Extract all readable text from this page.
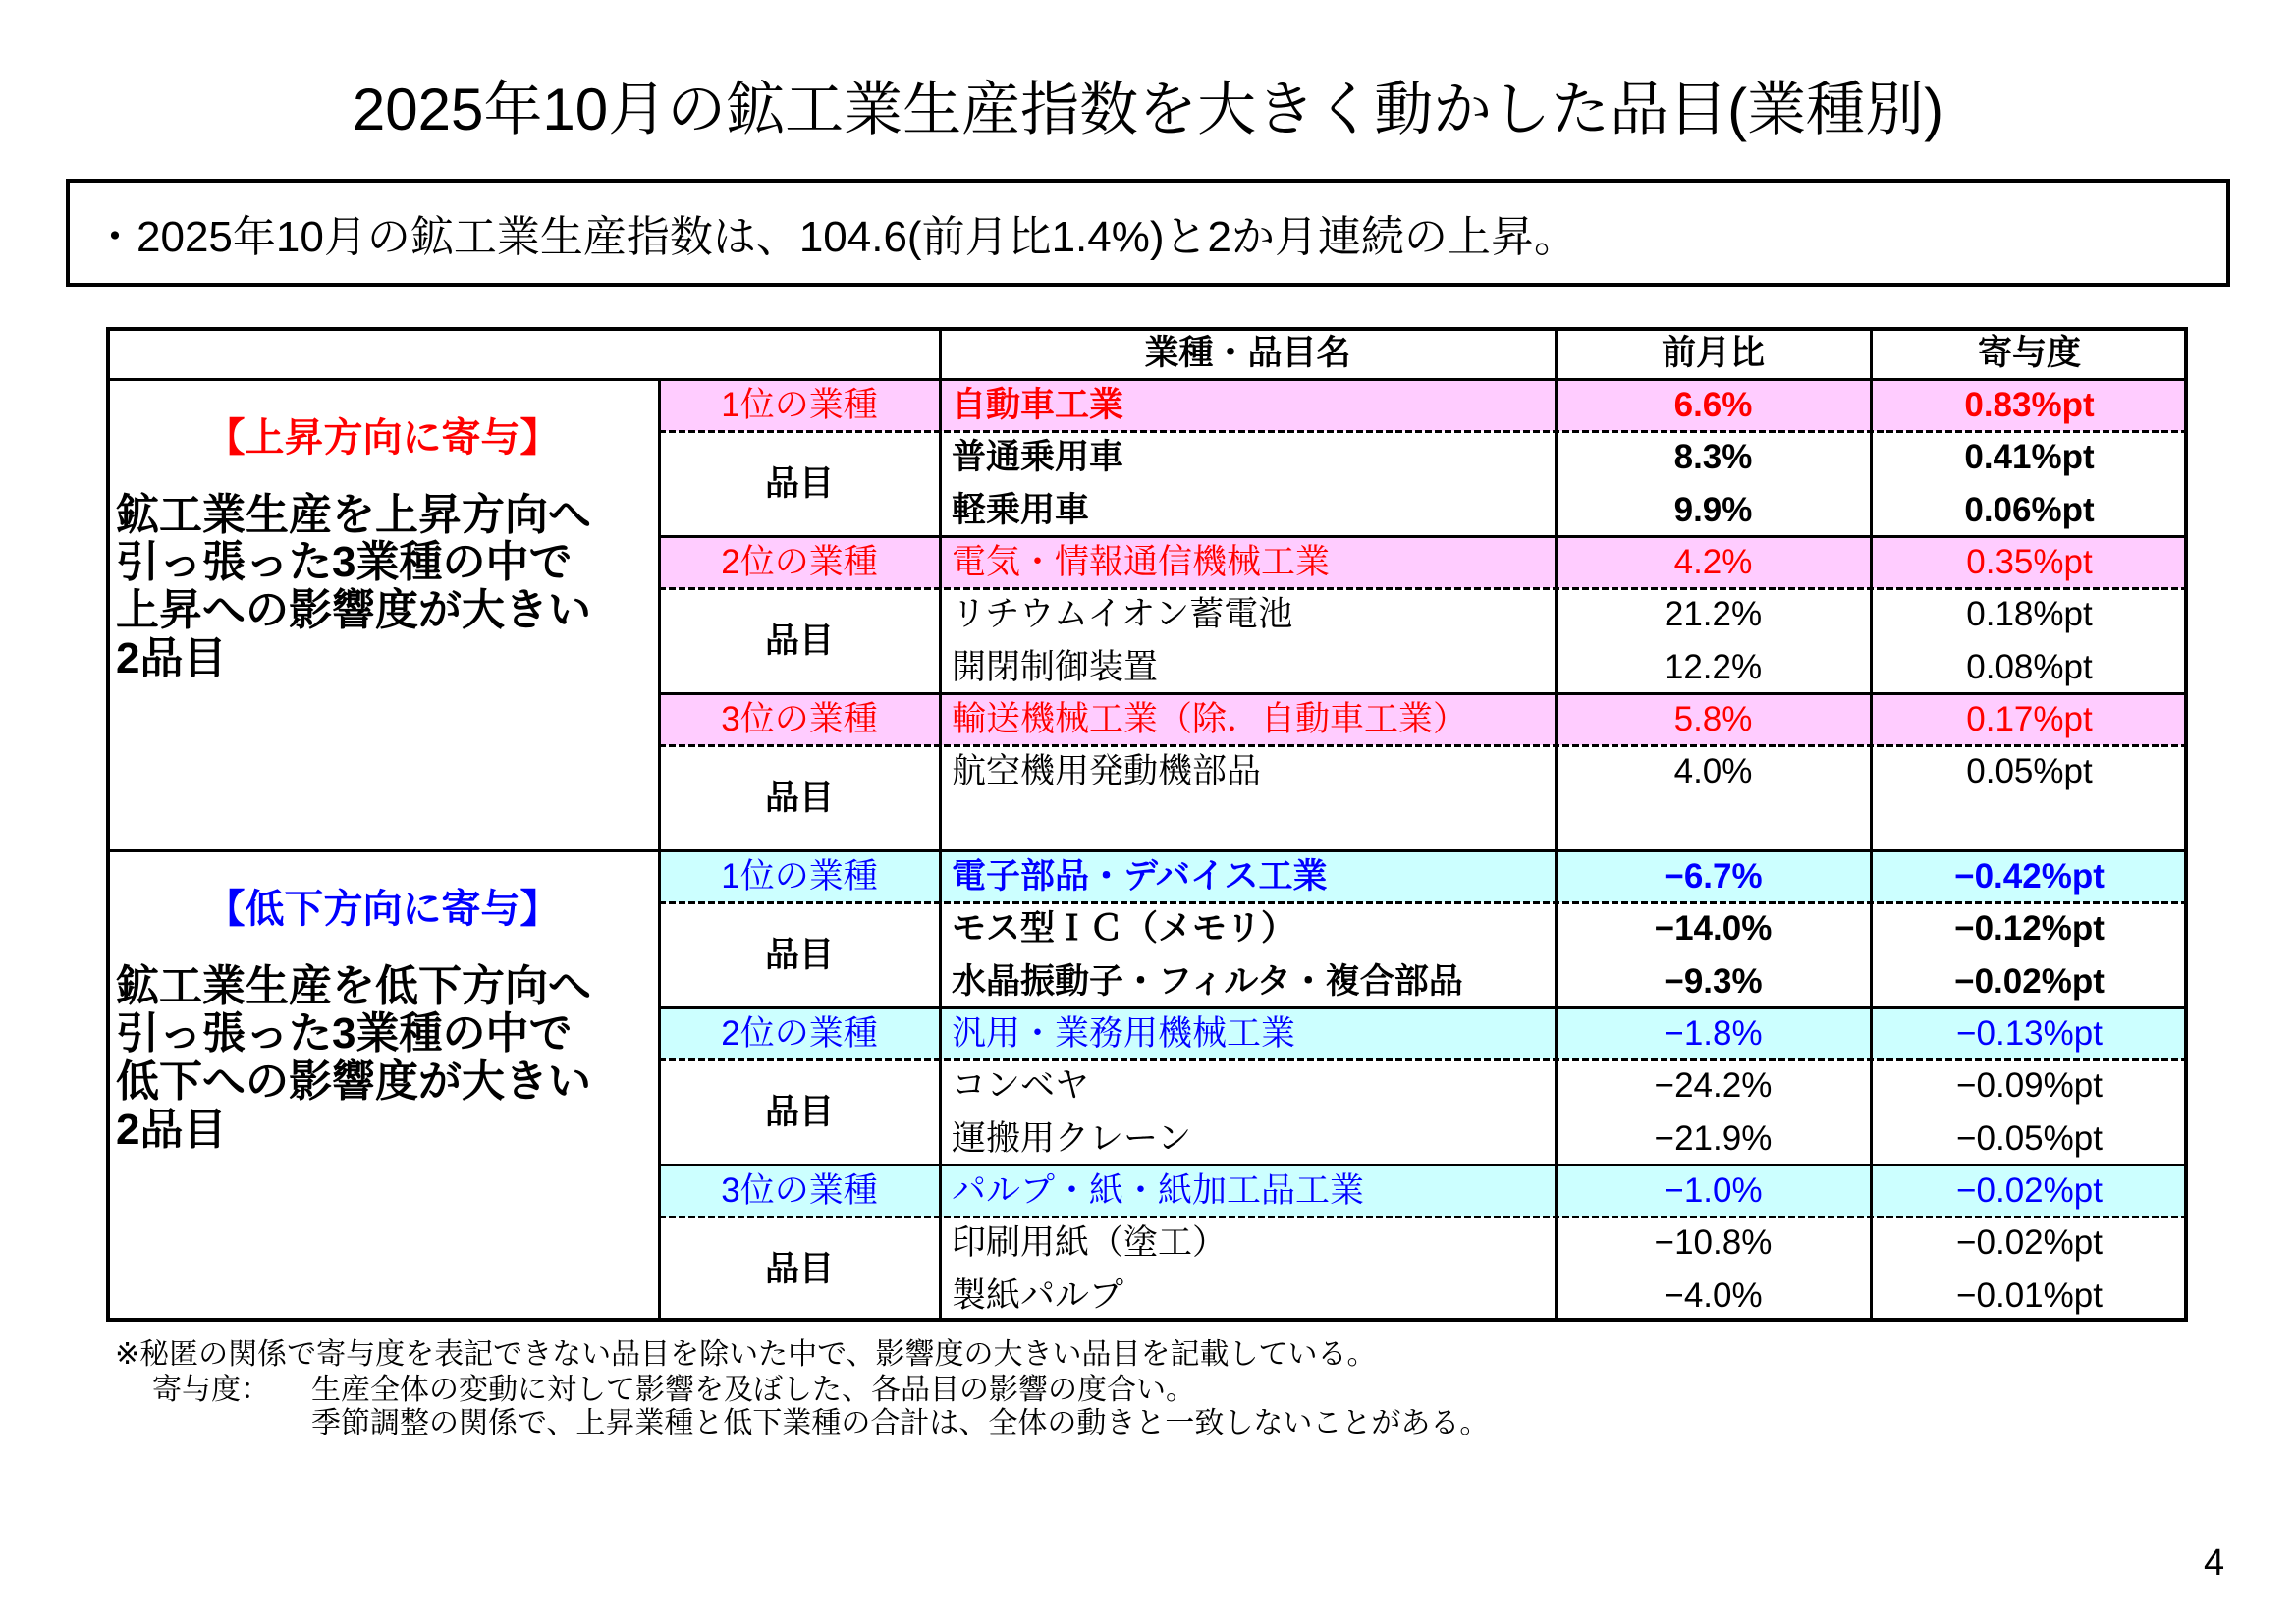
2025年10月の鉱工業生産指数を大きく動かした品目(業種別)
・2025年10月の鉱工業生産指数は、104.6(前月比1.4%)と2か月連続の上昇。
業種・品目名	前月比	寄与度
【上昇方向に寄与】
鉱工業生産を上昇方向へ
引っ張った3業種の中で
上昇への影響度が大きい
2品目
1位の業種	自動車工業	6.6%	0.83%pt
品目
普通乗用車	8.3%	0.41%pt
軽乗用車	9.9%	0.06%pt
2位の業種	電気・情報通信機械工業	4.2%	0.35%pt
品目
リチウムイオン蓄電池	21.2%	0.18%pt
開閉制御装置	12.2%	0.08%pt
3位の業種	輸送機械工業（除．自動車工業）	5.8%	0.17%pt
品目
航空機用発動機部品	4.0%	0.05%pt
【低下方向に寄与】
鉱工業生産を低下方向へ
引っ張った3業種の中で
低下への影響度が大きい
2品目
1位の業種	電子部品・デバイス工業	−6.7%	−0.42%pt
品目
モス型ＩＣ（メモリ）	−14.0%	−0.12%pt
水晶振動子・フィルタ・複合部品	−9.3%	−0.02%pt
2位の業種	汎用・業務用機械工業	−1.8%	−0.13%pt
品目
コンベヤ	−24.2%	−0.09%pt
運搬用クレーン	−21.9%	−0.05%pt
3位の業種	パルプ・紙・紙加工品工業	−1.0%	−0.02%pt
品目
印刷用紙（塗工）	−10.8%	−0.02%pt
製紙パルプ	−4.0%	−0.01%pt
※秘匿の関係で寄与度を表記できない品目を除いた中で、影響度の大きい品目を記載している。
寄与度： 生産全体の変動に対して影響を及ぼした、各品目の影響の度合い。
季節調整の関係で、上昇業種と低下業種の合計は、全体の動きと一致しないことがある。
4
